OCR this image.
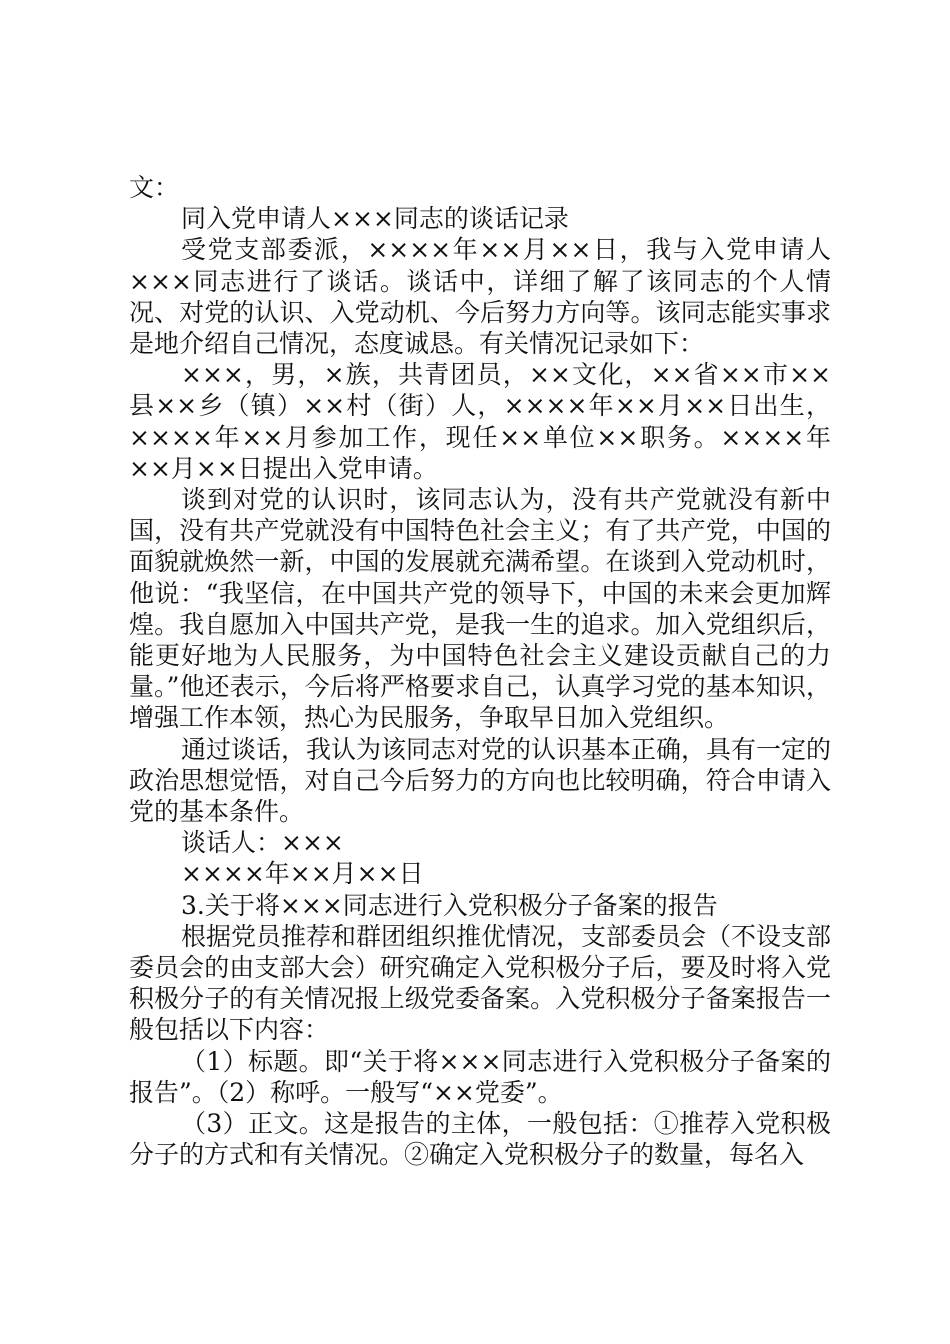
文：

同入党申请人×××同志的谈话记录

受党支部委派，××××年××月××日，我与入党申请人×××同志进行了谈话。谈话中，详细了解了该同志的个人情况、对党的认识、入党动机、今后努力方向等。该同志能实事求是地介绍自己情况，态度诚恳。有关情况记录如下：

×××，男，×族，共青团员，××文化，××省××市××县××乡（镇）××村（街）人，××××年××月××日出生，××××年××月参加工作，现任××单位××职务。××××年××月××日提出入党申请。

谈到对党的认识时，该同志认为，没有共产党就没有新中国，没有共产党就没有中国特色社会主义；有了共产党，中国的面貌就焕然一新，中国的发展就充满希望。在谈到入党动机时，他说：“我坚信，在中国共产党的领导下，中国的未来会更加辉煌。我自愿加入中国共产党，是我一生的追求。加入党组织后，能更好地为人民服务，为中国特色社会主义建设贡献自己的力量。”他还表示，今后将严格要求自己，认真学习党的基本知识，增强工作本领，热心为民服务，争取早日加入党组织。

通过谈话，我认为该同志对党的认识基本正确，具有一定的政治思想觉悟，对自己今后努力的方向也比较明确，符合申请入党的基本条件。

谈话人：×××

××××年××月××日

3.关于将×××同志进行入党积极分子备案的报告

根据党员推荐和群团组织推优情况，支部委员会（不设支部委员会的由支部大会）研究确定入党积极分子后，要及时将入党积极分子的有关情况报上级党委备案。入党积极分子备案报告一般包括以下内容：

（1）标题。即“关于将×××同志进行入党积极分子备案的报告”。（2）称呼。一般写“××党委”。

（3）正文。这是报告的主体，一般包括：①推荐入党积极分子的方式和有关情况。②确定入党积极分子的数量，每名入
